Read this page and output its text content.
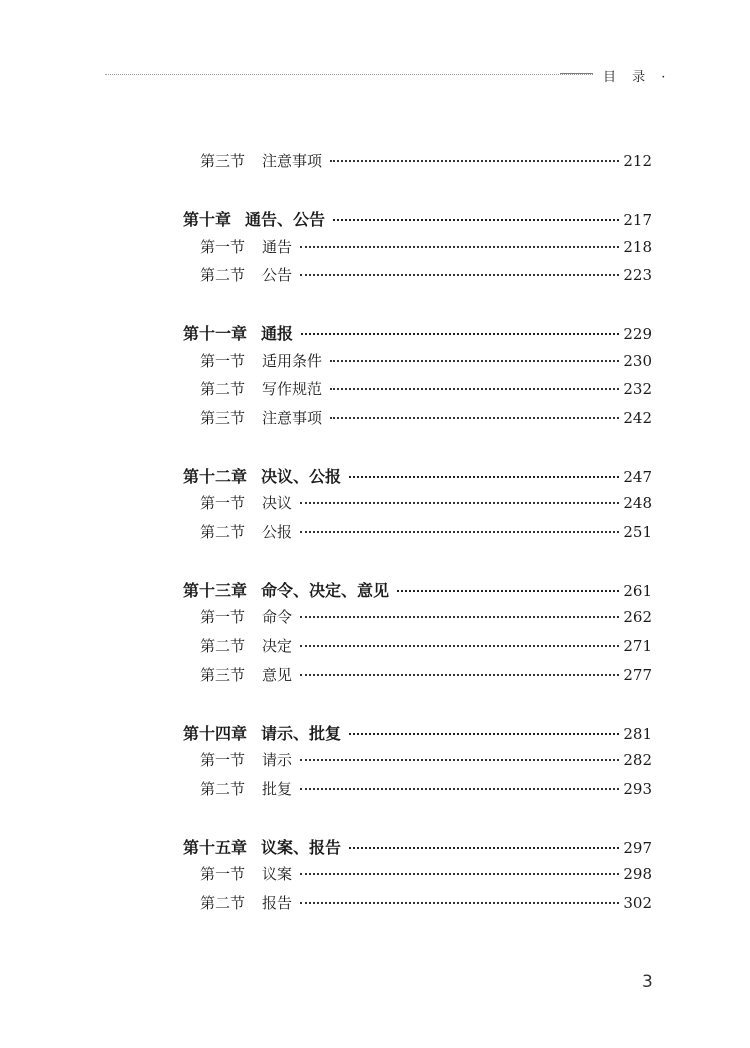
目 录 ·
第三节	注意事项	212
第十章 通告、公告	217
第一节	通告	218
第二节	公告	223
第十一章 通报	229
第一节	适用条件	230
第二节	写作规范	232
第三节	注意事项	242
第十二章 决议、公报	247
第一节	决议	248
第二节	公报	251
第十三章 命令、决定、意见	261
第一节	命令	262
第二节	决定	271
第三节	意见	277
第十四章 请示、批复	281
第一节	请示	282
第二节	批复	293
第十五章 议案、报告	297
第一节	议案	298
第二节	报告	302
3
